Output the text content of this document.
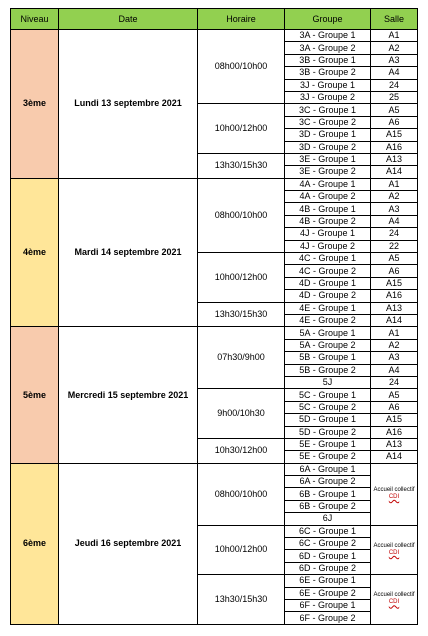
Niveau	Date	Horaire	Groupe	Salle
3ème	Lundi 13 septembre 2021	08h00/10h00	3A - Groupe 1	A1
			3A - Groupe 2	A2
			3B - Groupe 1	A3
			3B - Groupe 2	A4
			3J - Groupe 1	24
			3J - Groupe 2	25
		10h00/12h00	3C - Groupe 1	A5
			3C - Groupe 2	A6
			3D - Groupe 1	A15
			3D - Groupe 2	A16
		13h30/15h30	3E - Groupe 1	A13
			3E - Groupe 2	A14
4ème	Mardi 14 septembre 2021	08h00/10h00	4A - Groupe 1	A1
			4A - Groupe 2	A2
			4B - Groupe 1	A3
			4B - Groupe 2	A4
			4J - Groupe 1	24
			4J - Groupe 2	22
		10h00/12h00	4C - Groupe 1	A5
			4C - Groupe 2	A6
			4D - Groupe 1	A15
			4D - Groupe 2	A16
		13h30/15h30	4E - Groupe 1	A13
			4E - Groupe 2	A14
5ème	Mercredi 15 septembre 2021	07h30/9h00	5A - Groupe 1	A1
			5A - Groupe 2	A2
			5B - Groupe 1	A3
			5B - Groupe 2	A4
			5J	24
		9h00/10h30	5C - Groupe 1	A5
			5C - Groupe 2	A6
			5D - Groupe 1	A15
			5D - Groupe 2	A16
		10h30/12h00	5E - Groupe 1	A13
			5E - Groupe 2	A14
6ème	Jeudi 16 septembre 2021	08h00/10h00	6A - Groupe 1	Accueil collectif CDI
			6A - Groupe 2	
			6B - Groupe 1	
			6B - Groupe 2	
			6J	
		10h00/12h00	6C - Groupe 1	Accueil collectif CDI
			6C - Groupe 2	
			6D - Groupe 1	
			6D - Groupe 2	
		13h30/15h30	6E - Groupe 1	Accueil collectif CDI
			6E - Groupe 2	
			6F - Groupe 1	
			6F - Groupe 2	
